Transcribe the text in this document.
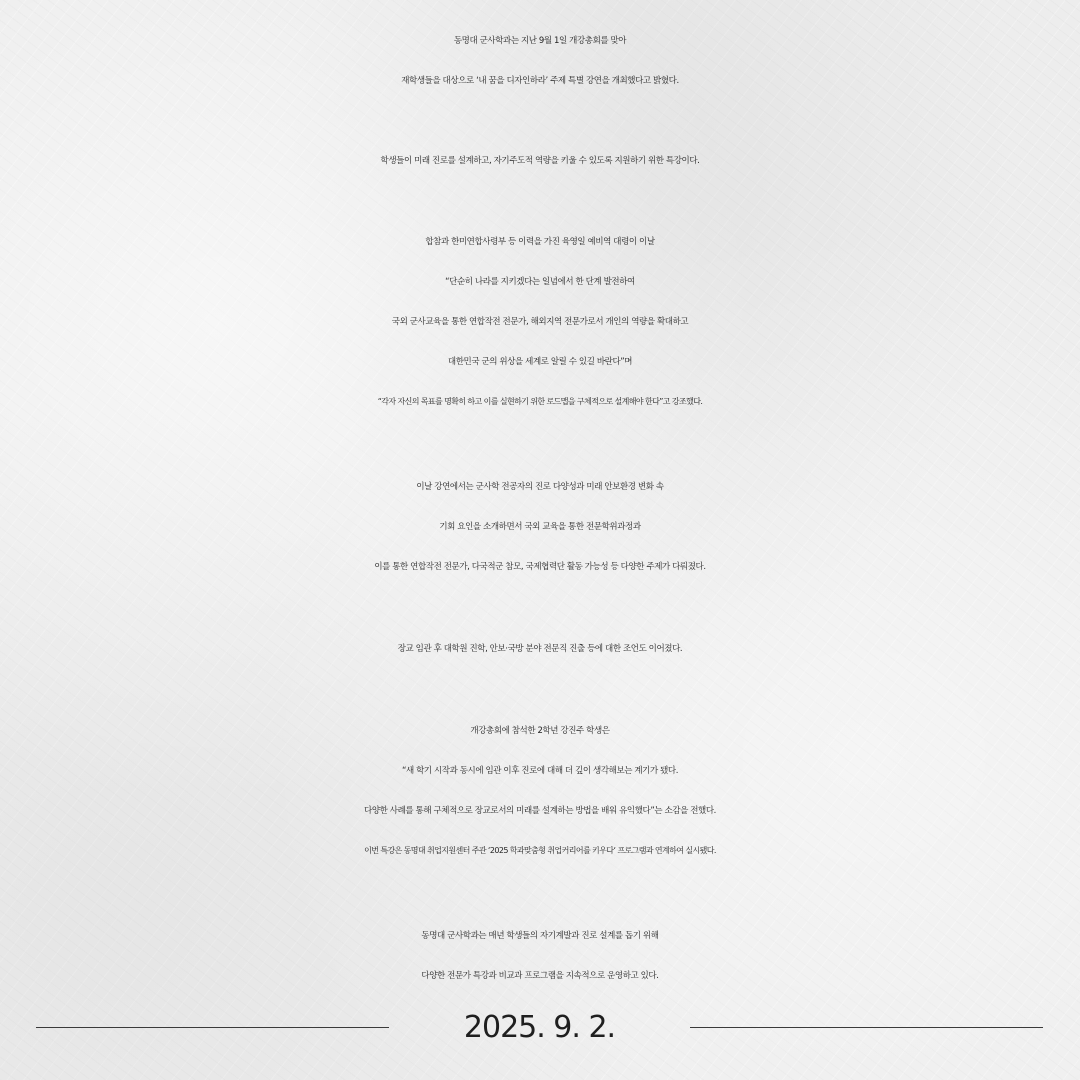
동명대 군사학과는 지난 9월 1일 개강총회를 맞아
재학생들을 대상으로 ‘내 꿈을 디자인하라’ 주제 특별 강연을 개최했다고 밝혔다.
학생들이 미래 진로를 설계하고, 자기주도적 역량을 키울 수 있도록 지원하기 위한 특강이다.
합참과 한미연합사령부 등 이력을 가진 육영일 예비역 대령이 이날
“단순히 나라를 지키겠다는 일념에서 한 단계 발전하여
국외 군사교육을 통한 연합작전 전문가, 해외지역 전문가로서 개인의 역량을 확대하고
대한민국 군의 위상을 세계로 알릴 수 있길 바란다”며
“각자 자신의 목표를 명확히 하고 이를 실현하기 위한 로드맵을 구체적으로 설계해야 한다”고 강조했다.
이날 강연에서는 군사학 전공자의 진로 다양성과 미래 안보환경 변화 속
기회 요인을 소개하면서 국외 교육을 통한 전문학위과정과
이를 통한 연합작전 전문가, 다국적군 참모, 국제협력단 활동 가능성 등 다양한 주제가 다뤄졌다.
장교 임관 후 대학원 진학, 안보·국방 분야 전문직 진출 등에 대한 조언도 이어졌다.
개강총회에 참석한 2학년 강진주 학생은
“새 학기 시작과 동시에 임관 이후 진로에 대해 더 깊이 생각해보는 계기가 됐다.
다양한 사례를 통해 구체적으로 장교로서의 미래를 설계하는 방법을 배워 유익했다”는 소감을 전했다.
이번 특강은 동명대 취업지원센터 주관 ‘2025 학과맞춤형 취업커리어를 키우다‘ 프로그램과 연계하여 실시됐다.
동명대 군사학과는 매년 학생들의 자기계발과 진로 설계를 돕기 위해
다양한 전문가 특강과 비교과 프로그램을 지속적으로 운영하고 있다.
2025. 9. 2.
